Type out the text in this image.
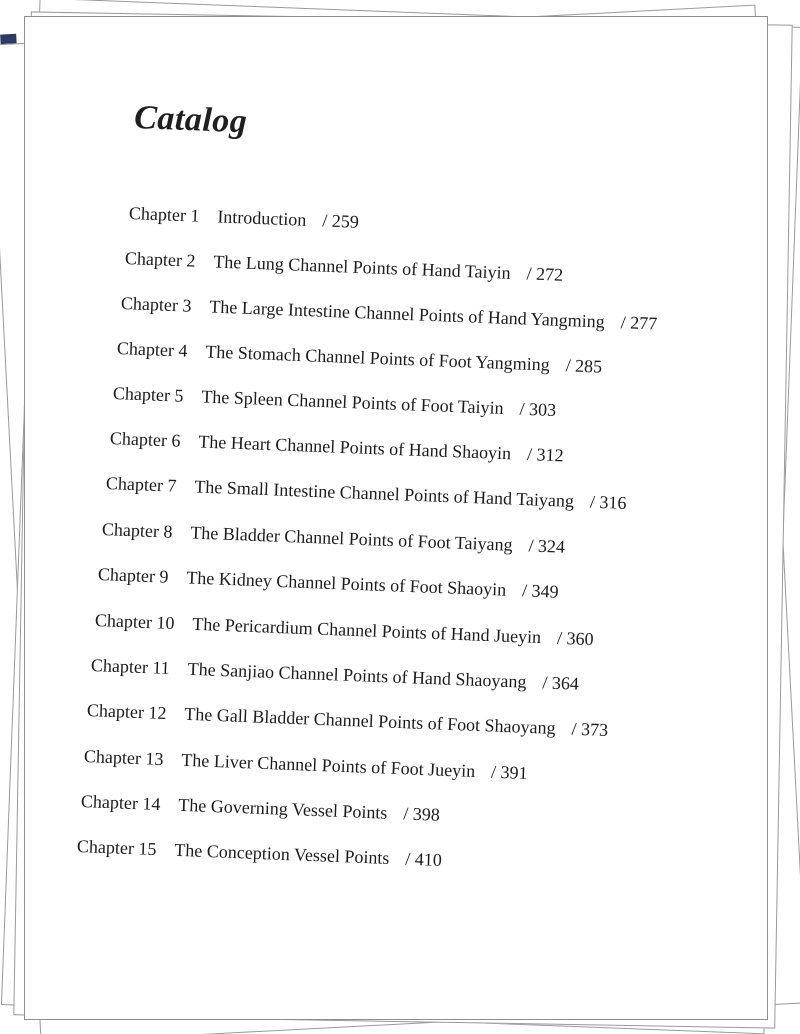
Catalog
Chapter 1 Introduction / 259
Chapter 2 The Lung Channel Points of Hand Taiyin / 272
Chapter 3 The Large Intestine Channel Points of Hand Yangming / 277
Chapter 4 The Stomach Channel Points of Foot Yangming / 285
Chapter 5 The Spleen Channel Points of Foot Taiyin / 303
Chapter 6 The Heart Channel Points of Hand Shaoyin / 312
Chapter 7 The Small Intestine Channel Points of Hand Taiyang / 316
Chapter 8 The Bladder Channel Points of Foot Taiyang / 324
Chapter 9 The Kidney Channel Points of Foot Shaoyin / 349
Chapter 10 The Pericardium Channel Points of Hand Jueyin / 360
Chapter 11 The Sanjiao Channel Points of Hand Shaoyang / 364
Chapter 12 The Gall Bladder Channel Points of Foot Shaoyang / 373
Chapter 13 The Liver Channel Points of Foot Jueyin / 391
Chapter 14 The Governing Vessel Points / 398
Chapter 15 The Conception Vessel Points / 410
